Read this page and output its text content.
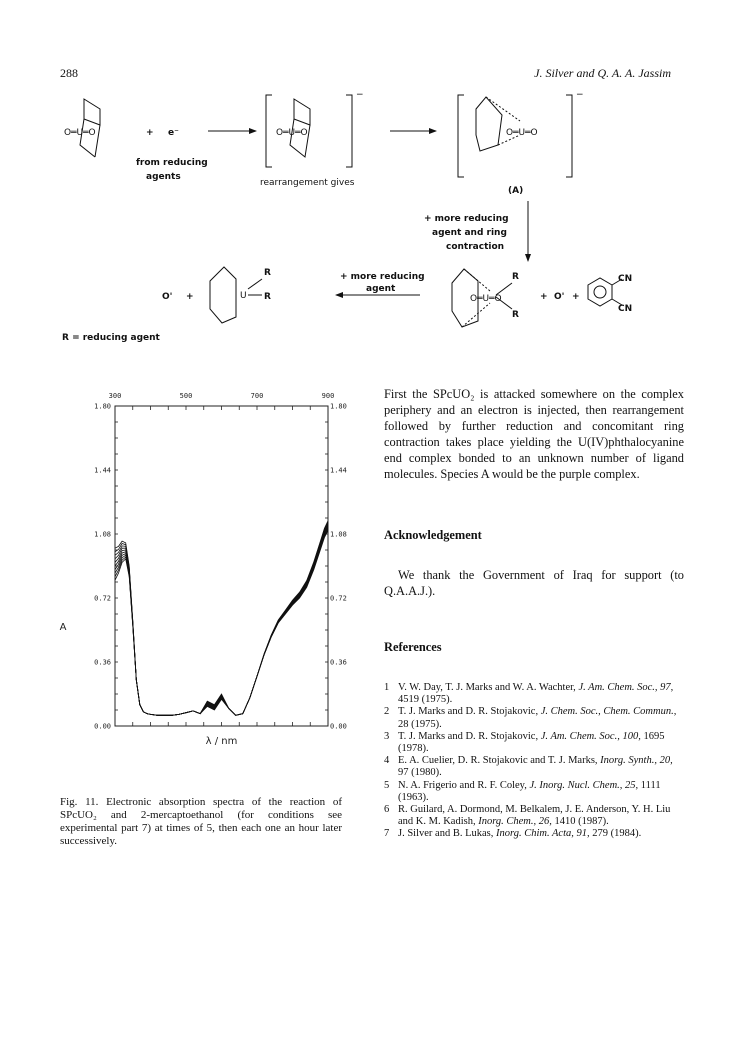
288	J. Silver and Q. A. A. Jassim
O═U═O	+ e⁻
from reducing
agents
−
O═U═O
rearrangement gives
−
O═U═O
(A)
+ more reducing
agent and ring
contraction
O═U═O
R
R
+ O' +
CN
CN
+ more reducing
agent
O' +	U
R
R
R = reducing agent
300	500	700	900
0.00	0.00
0.36	0.36
0.72	0.72
1.08	1.08
1.44	1.44
1.80	1.80
λ / nm
A
Fig. 11. Electronic absorption spectra of the reaction of SPcUO₂ and 2-mercaptoethanol (for conditions see experimental part 7) at times of 5, then each one an hour later successively.
First the SPcUO₂ is attacked somewhere on the complex periphery and an electron is injected, then rearrangement followed by further reduction and concomitant ring contraction takes place yielding the U(IV)phthalocyanine end complex bonded to an unknown number of ligand molecules. Species A would be the purple complex.
Acknowledgement
We thank the Government of Iraq for support (to Q.A.A.J.).
References
1 V. W. Day, T. J. Marks and W. A. Wachter, J. Am. Chem. Soc., 97, 4519 (1975).
2 T. J. Marks and D. R. Stojakovic, J. Chem. Soc., Chem. Commun., 28 (1975).
3 T. J. Marks and D. R. Stojakovic, J. Am. Chem. Soc., 100, 1695 (1978).
4 E. A. Cuelier, D. R. Stojakovic and T. J. Marks, Inorg. Synth., 20, 97 (1980).
5 N. A. Frigerio and R. F. Coley, J. Inorg. Nucl. Chem., 25, 1111 (1963).
6 R. Guilard, A. Dormond, M. Belkalem, J. E. Anderson, Y. H. Liu and K. M. Kadish, Inorg. Chem., 26, 1410 (1987).
7 J. Silver and B. Lukas, Inorg. Chim. Acta, 91, 279 (1984).
